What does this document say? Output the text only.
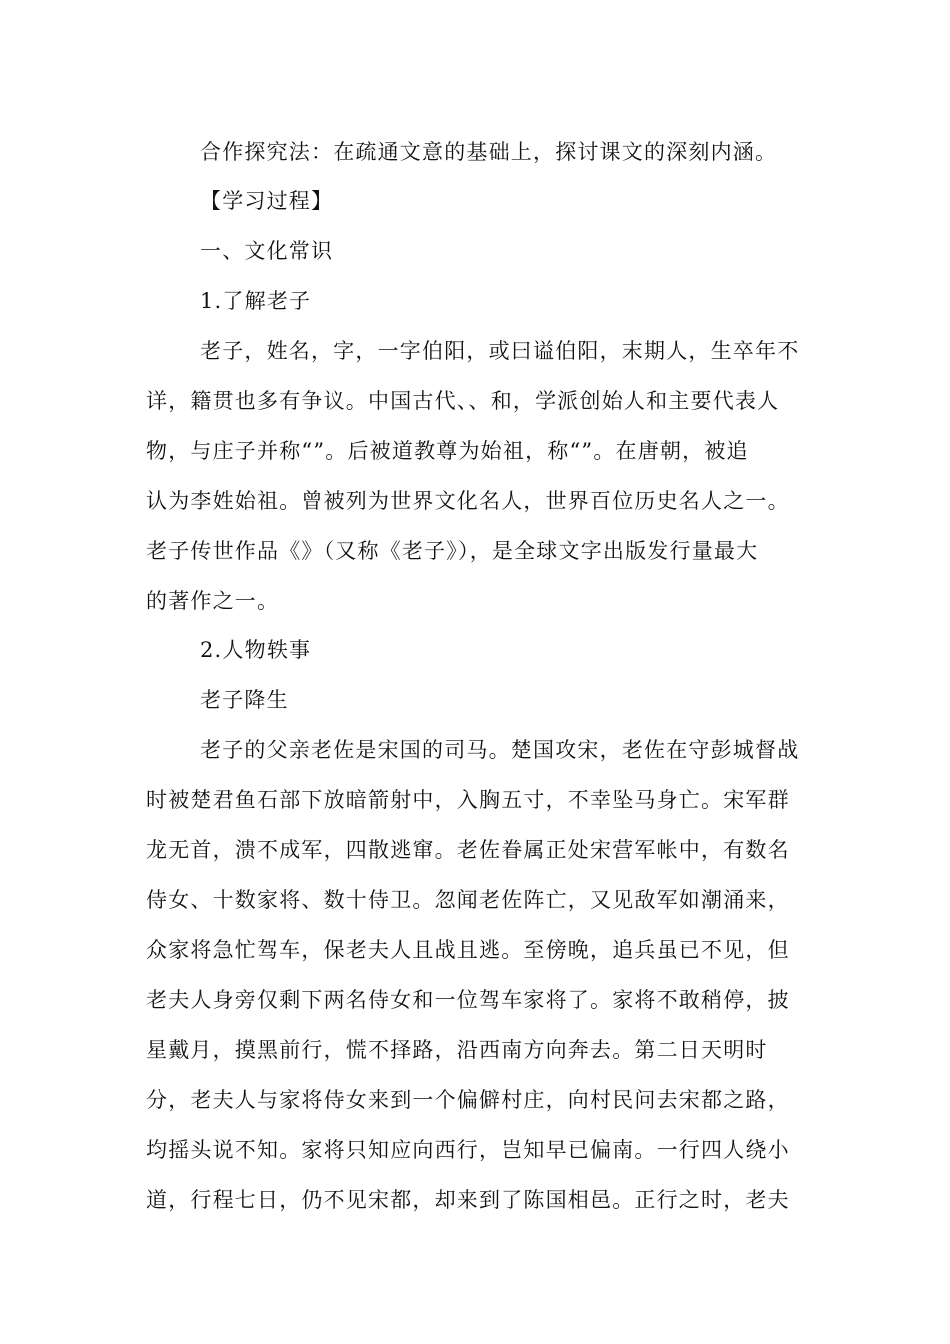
合作探究法：在疏通文意的基础上，探讨课文的深刻内涵。
【学习过程】
一、文化常识
1.了解老子
老子，姓名，字，一字伯阳，或曰谥伯阳，末期人，生卒年不
详，籍贯也多有争议。中国古代、、和，学派创始人和主要代表人
物，与庄子并称“”。后被道教尊为始祖，称“”。在唐朝，被追
认为李姓始祖。曾被列为世界文化名人，世界百位历史名人之一。
老子传世作品《》（又称《老子》），是全球文字出版发行量最大
的著作之一。
2.人物轶事
老子降生
老子的父亲老佐是宋国的司马。楚国攻宋，老佐在守彭城督战
时被楚君鱼石部下放暗箭射中，入胸五寸，不幸坠马身亡。宋军群
龙无首，溃不成军，四散逃窜。老佐眷属正处宋营军帐中，有数名
侍女、十数家将、数十侍卫。忽闻老佐阵亡，又见敌军如潮涌来，
众家将急忙驾车，保老夫人且战且逃。至傍晚，追兵虽已不见，但
老夫人身旁仅剩下两名侍女和一位驾车家将了。家将不敢稍停，披
星戴月，摸黑前行，慌不择路，沿西南方向奔去。第二日天明时
分，老夫人与家将侍女来到一个偏僻村庄，向村民问去宋都之路，
均摇头说不知。家将只知应向西行，岂知早已偏南。一行四人绕小
道，行程七日，仍不见宋都，却来到了陈国相邑。正行之时，老夫
